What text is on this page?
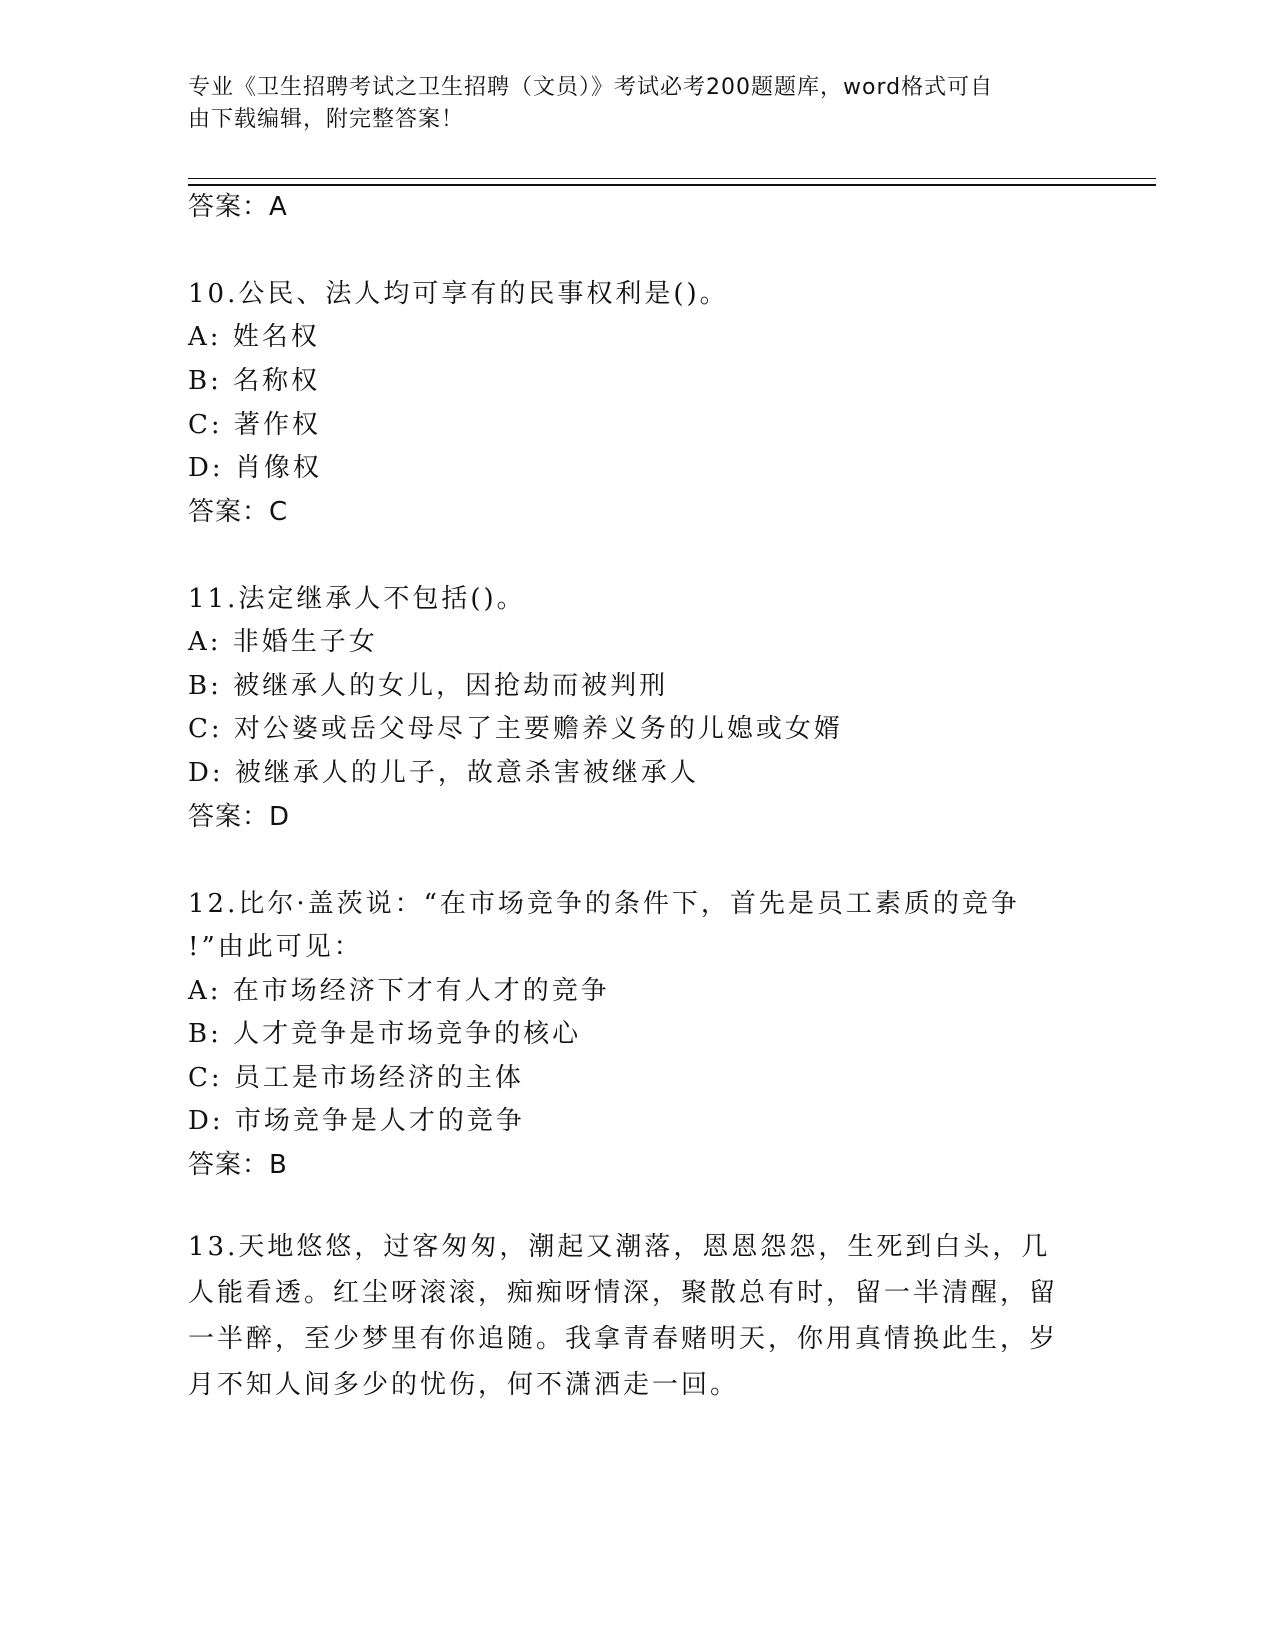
专业《卫生招聘考试之卫生招聘（文员）》考试必考200题题库，word格式可自
由下载编辑，附完整答案！
答案：A
10.公民、法人均可享有的民事权利是()。
A: 姓名权
B: 名称权
C: 著作权
D: 肖像权
答案：C
11.法定继承人不包括()。
A: 非婚生子女
B: 被继承人的女儿，因抢劫而被判刑
C: 对公婆或岳父母尽了主要赡养义务的儿媳或女婿
D: 被继承人的儿子，故意杀害被继承人
答案：D
12.比尔·盖茨说：“在市场竞争的条件下，首先是员工素质的竞争
!”由此可见：
A: 在市场经济下才有人才的竞争
B: 人才竞争是市场竞争的核心
C: 员工是市场经济的主体
D: 市场竞争是人才的竞争
答案：B
13.天地悠悠，过客匆匆，潮起又潮落，恩恩怨怨，生死到白头，几人能看透。红尘呀滚滚，痴痴呀情深，聚散总有时，留一半清醒，留一半醉，至少梦里有你追随。我拿青春赌明天，你用真情换此生，岁月不知人间多少的忧伤，何不潇洒走一回。
